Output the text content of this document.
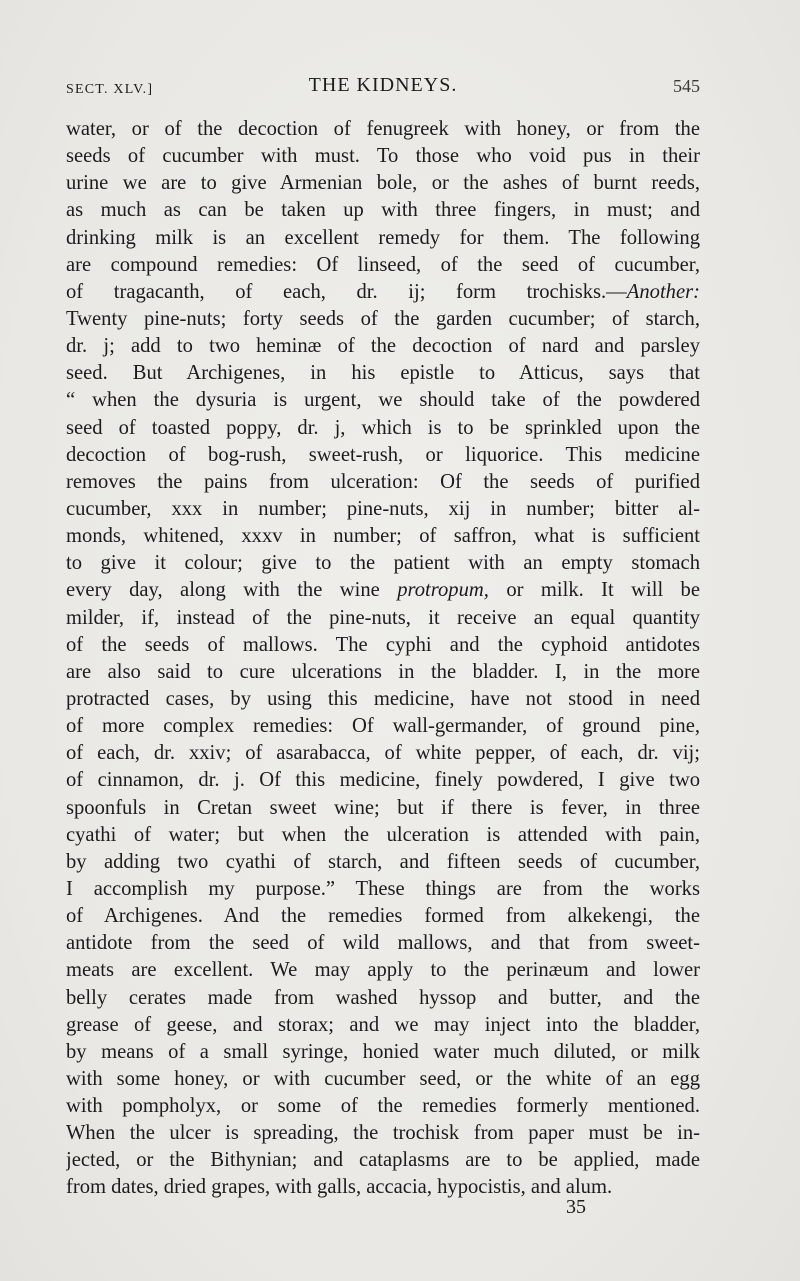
SECT. XLV.]	THE KIDNEYS.	545
water, or of the decoction of fenugreek with honey, or from the
seeds of cucumber with must. To those who void pus in their
urine we are to give Armenian bole, or the ashes of burnt reeds,
as much as can be taken up with three fingers, in must; and
drinking milk is an excellent remedy for them. The following
are compound remedies: Of linseed, of the seed of cucumber,
of tragacanth, of each, dr. ij; form trochisks.—Another:
Twenty pine-nuts; forty seeds of the garden cucumber; of starch,
dr. j; add to two heminæ of the decoction of nard and parsley
seed. But Archigenes, in his epistle to Atticus, says that
“ when the dysuria is urgent, we should take of the powdered
seed of toasted poppy, dr. j, which is to be sprinkled upon the
decoction of bog-rush, sweet-rush, or liquorice. This medicine
removes the pains from ulceration: Of the seeds of purified
cucumber, xxx in number; pine-nuts, xij in number; bitter al-
monds, whitened, xxxv in number; of saffron, what is sufficient
to give it colour; give to the patient with an empty stomach
every day, along with the wine protropum, or milk. It will be
milder, if, instead of the pine-nuts, it receive an equal quantity
of the seeds of mallows. The cyphi and the cyphoid antidotes
are also said to cure ulcerations in the bladder. I, in the more
protracted cases, by using this medicine, have not stood in need
of more complex remedies: Of wall-germander, of ground pine,
of each, dr. xxiv; of asarabacca, of white pepper, of each, dr. vij;
of cinnamon, dr. j. Of this medicine, finely powdered, I give two
spoonfuls in Cretan sweet wine; but if there is fever, in three
cyathi of water; but when the ulceration is attended with pain,
by adding two cyathi of starch, and fifteen seeds of cucumber,
I accomplish my purpose.” These things are from the works
of Archigenes. And the remedies formed from alkekengi, the
antidote from the seed of wild mallows, and that from sweet-
meats are excellent. We may apply to the perinæum and lower
belly cerates made from washed hyssop and butter, and the
grease of geese, and storax; and we may inject into the bladder,
by means of a small syringe, honied water much diluted, or milk
with some honey, or with cucumber seed, or the white of an egg
with pompholyx, or some of the remedies formerly mentioned.
When the ulcer is spreading, the trochisk from paper must be in-
jected, or the Bithynian; and cataplasms are to be applied, made
from dates, dried grapes, with galls, accacia, hypocistis, and alum.
35
